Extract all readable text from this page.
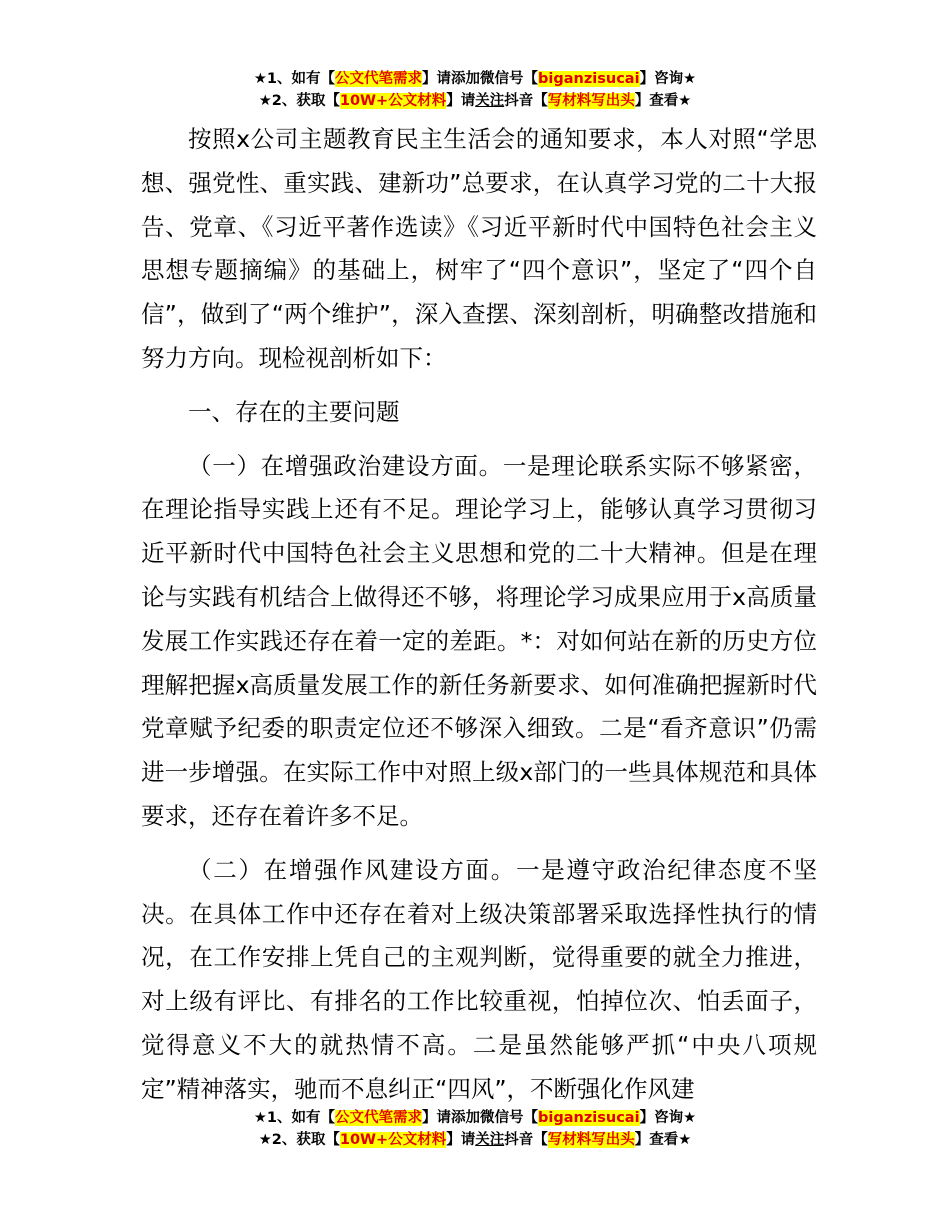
★1、如有【公文代笔需求】请添加微信号【biganzisucai】咨询★
★2、获取【10W+公文材料】请关注抖音【写材料写出头】查看★

按照x公司主题教育民主生活会的通知要求，本人对照“学思想、强党性、重实践、建新功”总要求，在认真学习党的二十大报告、党章、《习近平著作选读》《习近平新时代中国特色社会主义思想专题摘编》的基础上，树牢了“四个意识”，坚定了“四个自信”，做到了“两个维护”，深入查摆、深刻剖析，明确整改措施和努力方向。现检视剖析如下：

一、存在的主要问题

（一）在增强政治建设方面。一是理论联系实际不够紧密，在理论指导实践上还有不足。理论学习上，能够认真学习贯彻习近平新时代中国特色社会主义思想和党的二十大精神。但是在理论与实践有机结合上做得还不够，将理论学习成果应用于x高质量发展工作实践还存在着一定的差距。*：对如何站在新的历史方位理解把握x高质量发展工作的新任务新要求、如何准确把握新时代党章赋予纪委的职责定位还不够深入细致。二是“看齐意识”仍需进一步增强。在实际工作中对照上级x部门的一些具体规范和具体要求，还存在着许多不足。

（二）在增强作风建设方面。一是遵守政治纪律态度不坚决。在具体工作中还存在着对上级决策部署采取选择性执行的情况，在工作安排上凭自己的主观判断，觉得重要的就全力推进，对上级有评比、有排名的工作比较重视，怕掉位次、怕丢面子，觉得意义不大的就热情不高。二是虽然能够严抓“中央八项规定”精神落实，驰而不息纠正“四风”，不断强化作风建

★1、如有【公文代笔需求】请添加微信号【biganzisucai】咨询★
★2、获取【10W+公文材料】请关注抖音【写材料写出头】查看★
